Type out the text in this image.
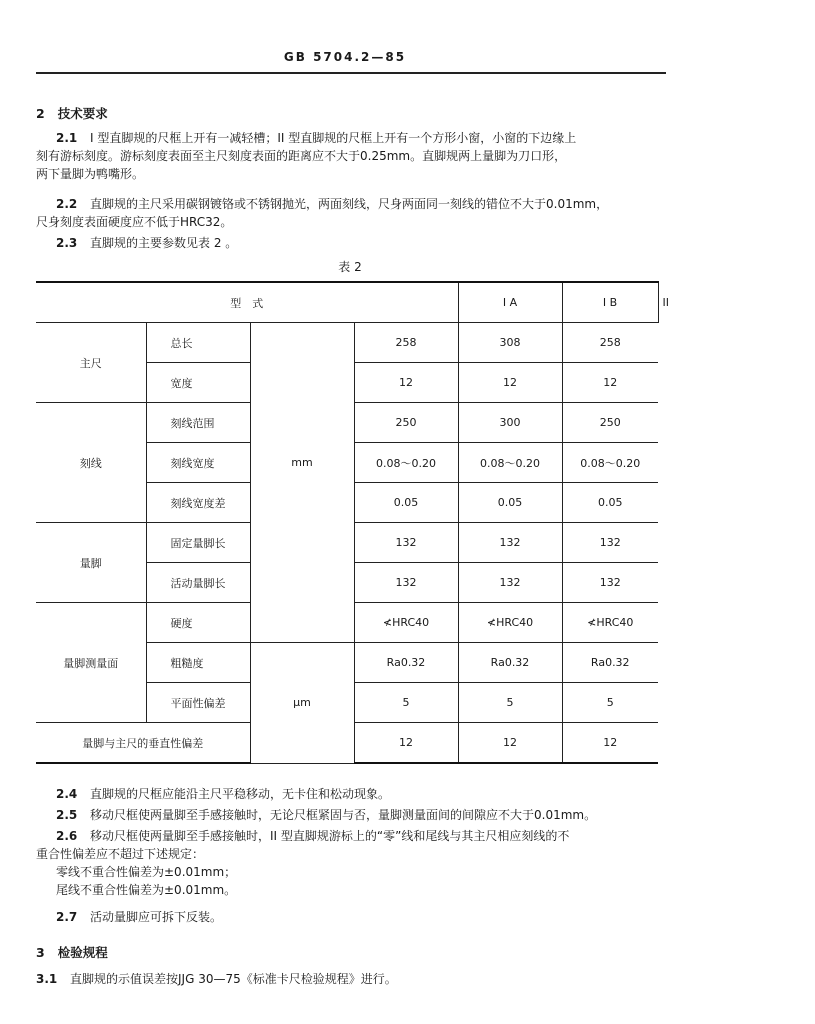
GB 5704.2—85
2 技术要求
2.1 I 型直脚规的尺框上开有一减轻槽；II 型直脚规的尺框上开有一个方形小窗，小窗的下边缘上
刻有游标刻度。游标刻度表面至主尺刻度表面的距离应不大于0.25mm。直脚规两上量脚为刀口形，
两下量脚为鸭嘴形。
2.2 直脚规的主尺采用碳钢镀铬或不锈钢抛光，两面刻线，尺身两面同一刻线的错位不大于0.01mm，
尺身刻度表面硬度应不低于HRC32。
2.3 直脚规的主要参数见表 2 。
表 2
型　式				I A	I B	II
主尺	总长	mm	258	308	258	
	宽度		12	12	12	
刻线	刻线范围		250	300	250	
	刻线宽度		0.08～0.20	0.08～0.20	0.08～0.20	
	刻线宽度差		0.05	0.05	0.05	
量脚	固定量脚长		132	132	132	
	活动量脚长		132	132	132	
量脚测量面	硬度		≮HRC40	≮HRC40	≮HRC40	
	粗糙度	μm	Ra0.32	Ra0.32	Ra0.32	
	平面性偏差		5	5	5	
量脚与主尺的垂直性偏差			12	12	12	
2.4 直脚规的尺框应能沿主尺平稳移动，无卡住和松动现象。
2.5 移动尺框使两量脚至手感接触时，无论尺框紧固与否，量脚测量面间的间隙应不大于0.01mm。
2.6 移动尺框使两量脚至手感接触时，II 型直脚规游标上的“零”线和尾线与其主尺相应刻线的不
重合性偏差应不超过下述规定：
零线不重合性偏差为±0.01mm；
尾线不重合性偏差为±0.01mm。
2.7 活动量脚应可拆下反装。
3 检验规程
3.1 直脚规的示值误差按JJG 30—75《标准卡尺检验规程》进行。
